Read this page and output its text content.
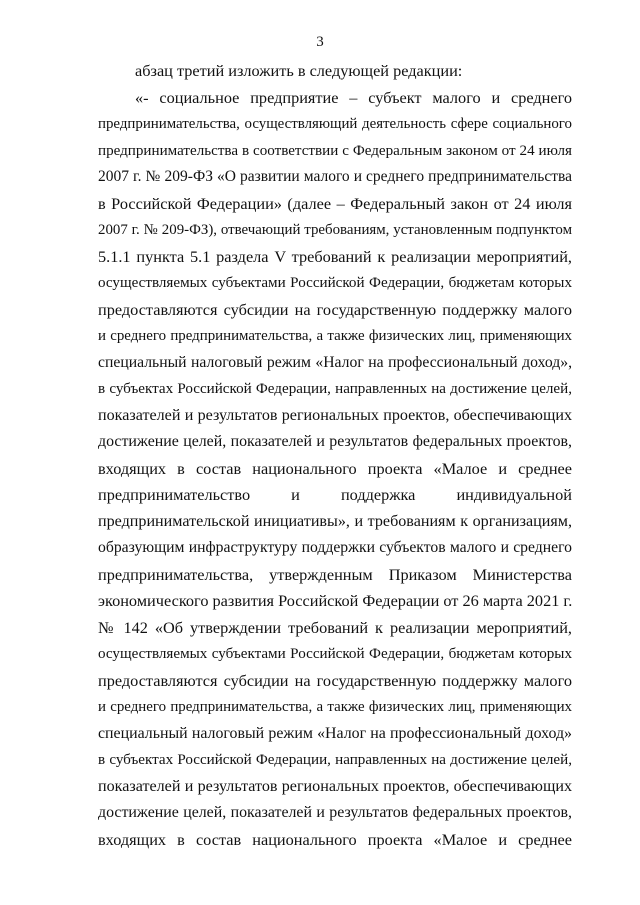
3
абзац третий изложить в следующей редакции:
«- социальное предприятие – субъект малого и среднего
предпринимательства, осуществляющий деятельность сфере социального
предпринимательства в соответствии с Федеральным законом от 24 июля
2007 г. № 209-ФЗ «О развитии малого и среднего предпринимательства
в Российской Федерации» (далее – Федеральный закон от 24 июля
2007 г. № 209-ФЗ), отвечающий требованиям, установленным подпунктом
5.1.1 пункта 5.1 раздела V требований к реализации мероприятий,
осуществляемых субъектами Российской Федерации, бюджетам которых
предоставляются субсидии на государственную поддержку малого
и среднего предпринимательства, а также физических лиц, применяющих
специальный налоговый режим «Налог на профессиональный доход»,
в субъектах Российской Федерации, направленных на достижение целей,
показателей и результатов региональных проектов, обеспечивающих
достижение целей, показателей и результатов федеральных проектов,
входящих в состав национального проекта «Малое и среднее
предпринимательство и поддержка индивидуальной
предпринимательской инициативы», и требованиям к организациям,
образующим инфраструктуру поддержки субъектов малого и среднего
предпринимательства, утвержденным Приказом Министерства
экономического развития Российской Федерации от 26 марта 2021 г.
№ 142 «Об утверждении требований к реализации мероприятий,
осуществляемых субъектами Российской Федерации, бюджетам которых
предоставляются субсидии на государственную поддержку малого
и среднего предпринимательства, а также физических лиц, применяющих
специальный налоговый режим «Налог на профессиональный доход»
в субъектах Российской Федерации, направленных на достижение целей,
показателей и результатов региональных проектов, обеспечивающих
достижение целей, показателей и результатов федеральных проектов,
входящих в состав национального проекта «Малое и среднее
